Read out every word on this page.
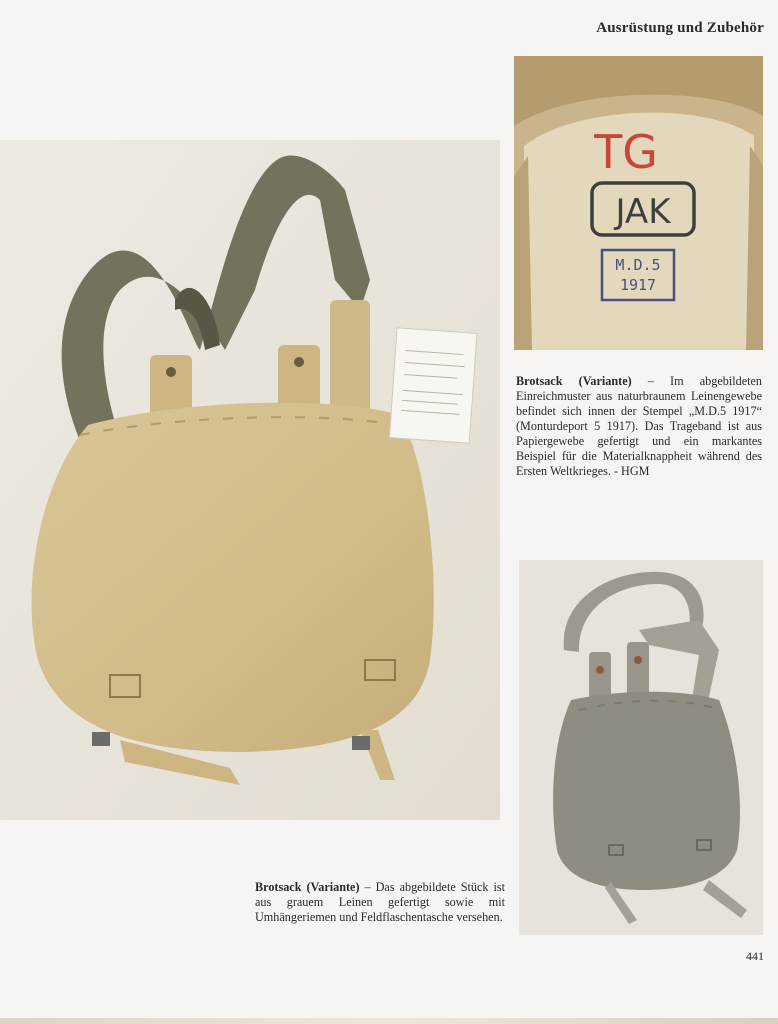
Ausrüstung und Zubehör
TG
JAK
M.D.5
1917
Brotsack (Variante) – Im abgebildeten Einreichmuster aus naturbraunem Leinengewebe befindet sich innen der Stempel „M.D.5 1917“ (Monturdeport 5 1917). Das Trageband ist aus Papiergewebe gefertigt und ein markantes Beispiel für die Materialknappheit während des Ersten Weltkrieges. - HGM
Brotsack (Variante) – Das abgebildete Stück ist aus grauem Leinen gefertigt sowie mit Umhängeriemen und Feldflaschentasche versehen.
441
